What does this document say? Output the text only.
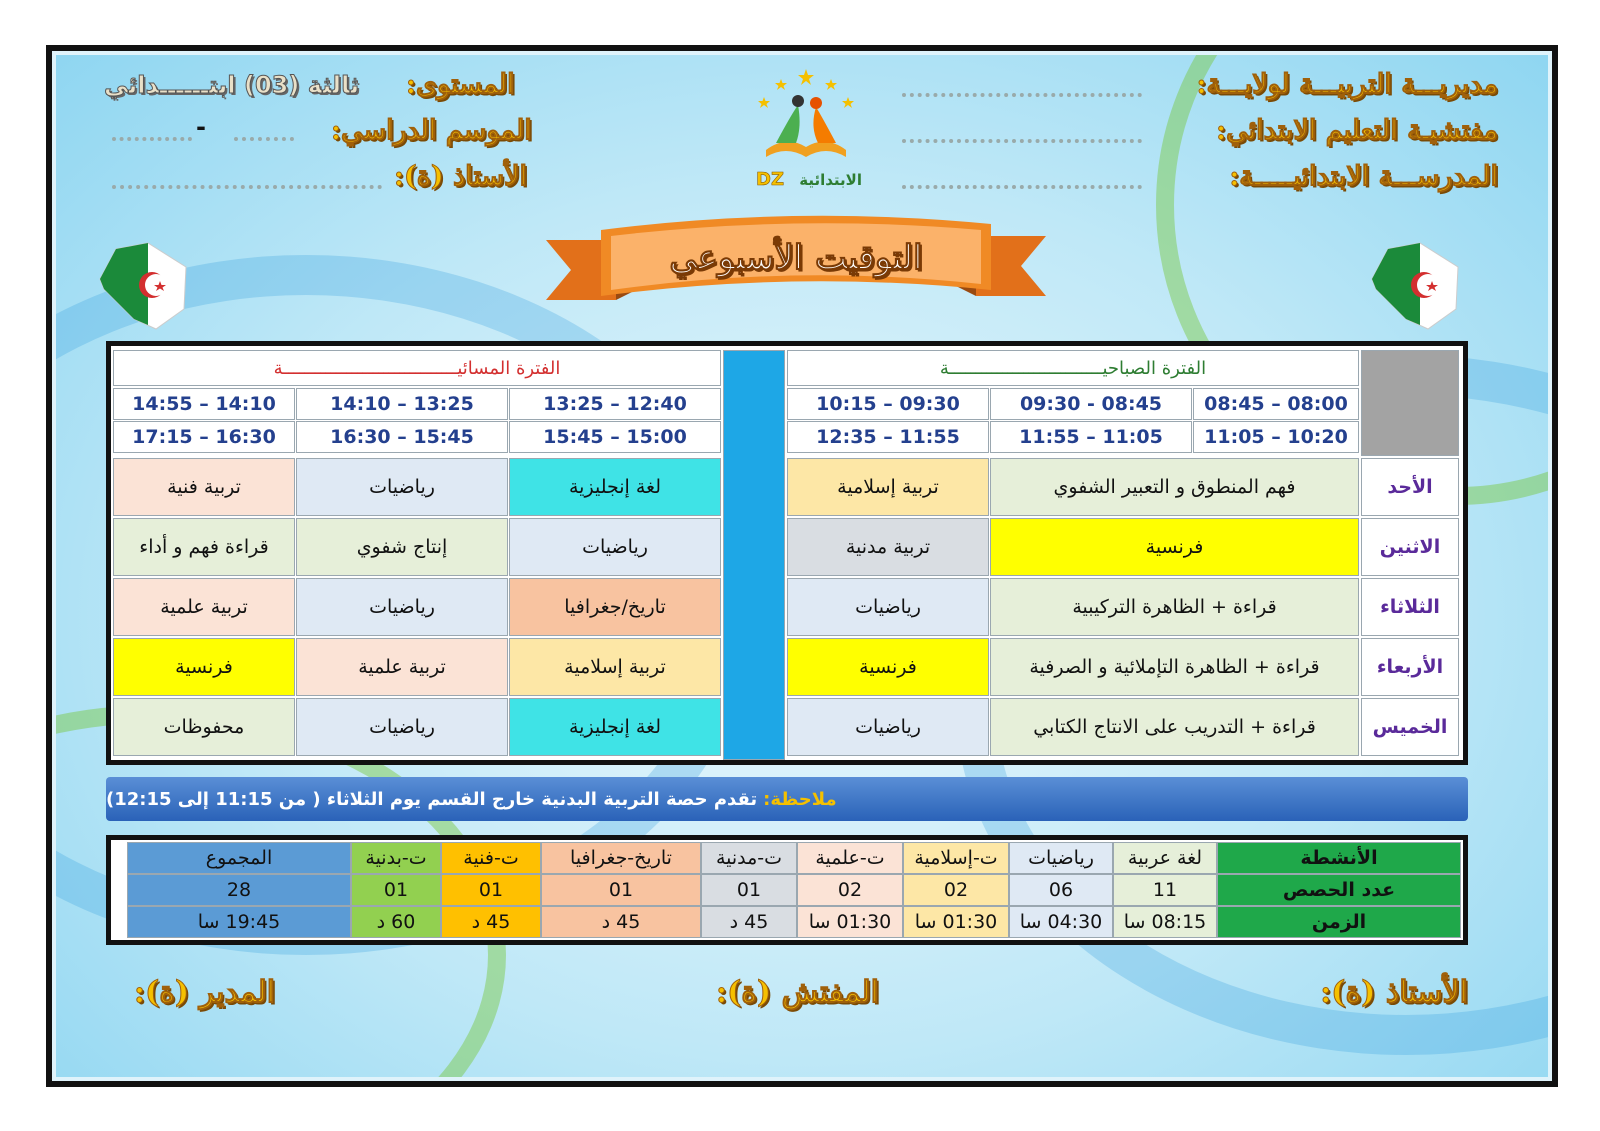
مديريـــة التربيـــة لولايـــة:
مفتشيـة التعليم الابتدائي:
المدرســـة الابتدائيـــــة:
المستوى:
ثالثة (03) ابتــــــدائي
الموسم الدراسي:
-
الأستاذ (ة):	DZ الابتدائية
التوقيت الأسبوعي
الفترة الصباحيـــــــــــــــــــــــــــــة
الفترة المسائيـــــــــــــــــــــــــــــــــة
08:45 – 08:00
11:05 – 10:20
09:30 - 08:45
11:55 – 11:05
10:15 – 09:30
12:35 – 11:55
13:25 – 12:40
15:45 – 15:00
14:10 – 13:25
16:30 – 15:45
14:55 – 14:10
17:15 – 16:30
الأحد
فهم المنطوق و التعبير الشفوي
تربية إسلامية
لغة إنجليزية
رياضيات
تربية فنية
الاثنين
فرنسية
تربية مدنية
رياضيات
إنتاج شفوي
قراءة فهم و أداء
الثلاثاء
قراءة + الظاهرة التركيبية
رياضيات
تاريخ/جغرافيا
رياضيات
تربية علمية
الأربعاء
قراءة + الظاهرة التإملائية و الصرفية
فرنسية
تربية إسلامية
تربية علمية
فرنسية
الخميس
قراءة + التدريب على الانتاج الكتابي
رياضيات
لغة إنجليزية
رياضيات
محفوظات
ملاحظة:
تقدم حصة التربية البدنية خارج القسم يوم الثلاثاء ( من 11:15 إلى 12:15)
الأنشطة
عدد الحصص
الزمن
لغة عربية
11
08:15 سا
رياضيات
06
04:30 سا
ت-إسلامية
02
01:30 سا
ت-علمية
02
01:30 سا
ت-مدنية
01
45 د
تاريخ-جغرافيا
01
45 د
ت-فنية
01
45 د
ت-بدنية
01
60 د
المجموع
28
19:45 سا
الأستاذ (ة):
المفتش (ة):
المدير (ة):
